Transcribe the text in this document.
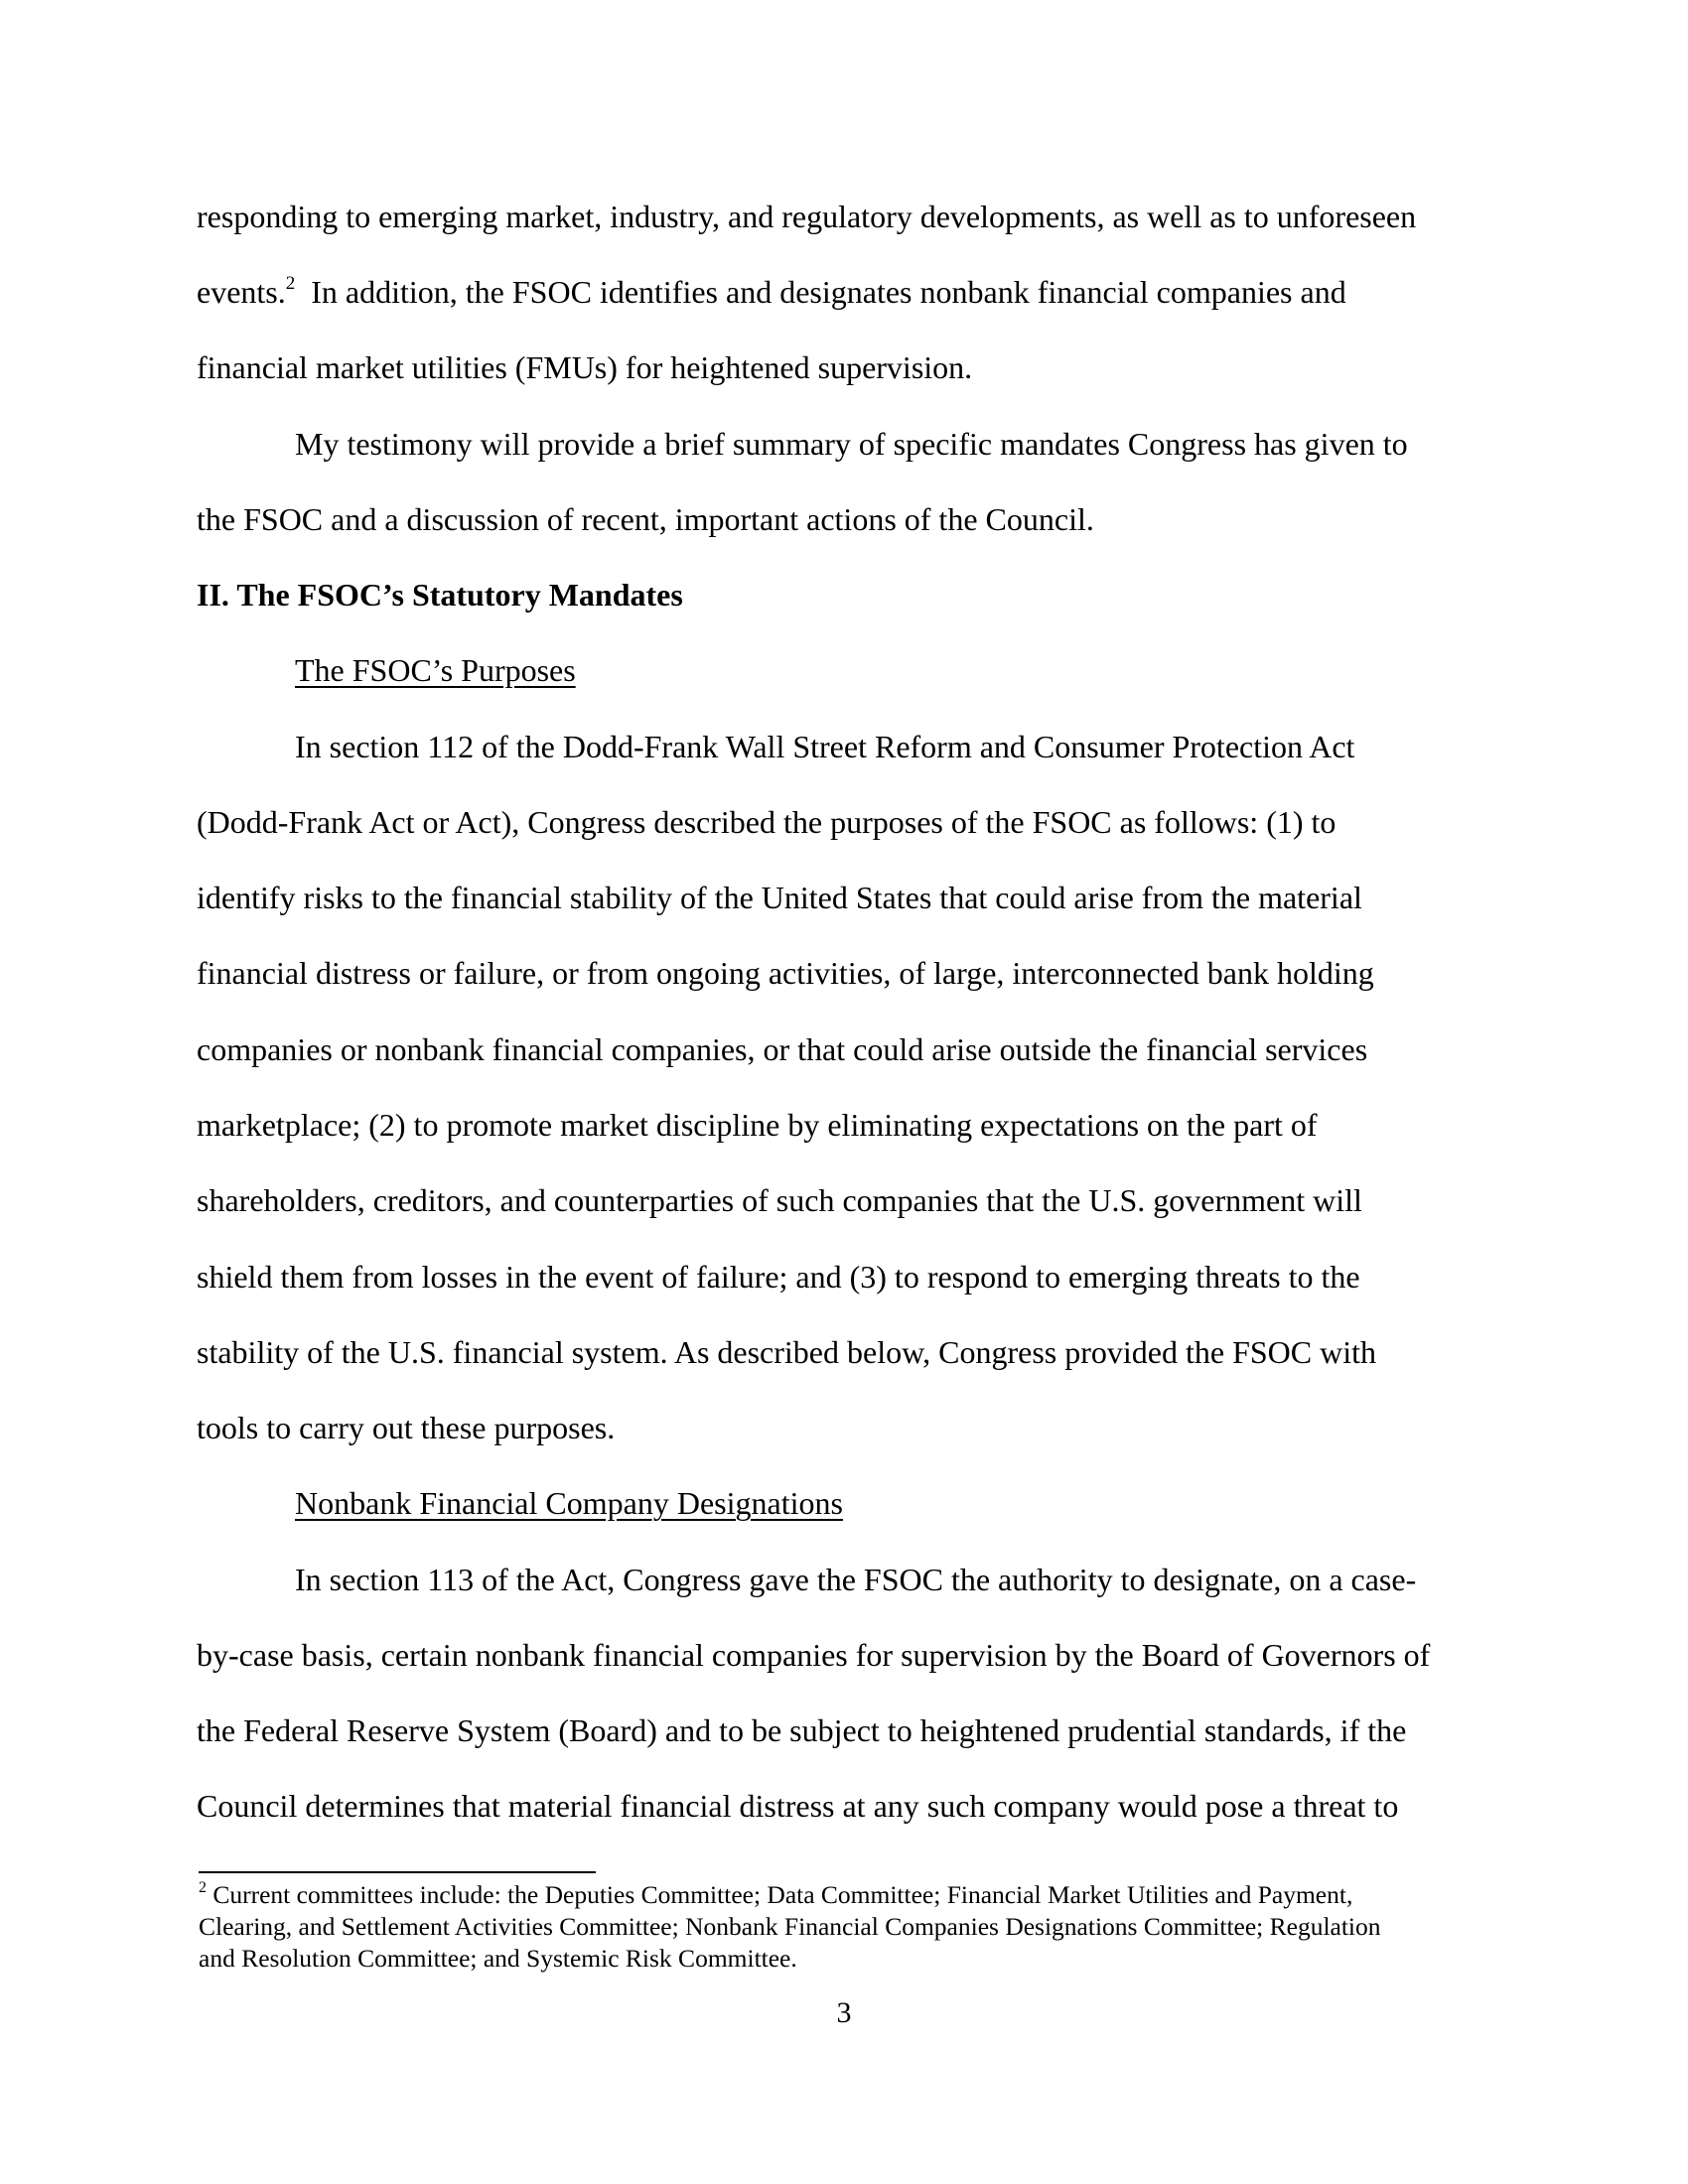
responding to emerging market, industry, and regulatory developments, as well as to unforeseen
events.$^2$  In addition, the FSOC identifies and designates nonbank financial companies and
financial market utilities (FMUs) for heightened supervision.
My testimony will provide a brief summary of specific mandates Congress has given to
the FSOC and a discussion of recent, important actions of the Council.
II. The FSOC’s Statutory Mandates
The FSOC’s Purposes
In section 112 of the Dodd-Frank Wall Street Reform and Consumer Protection Act
(Dodd-Frank Act or Act), Congress described the purposes of the FSOC as follows: (1) to
identify risks to the financial stability of the United States that could arise from the material
financial distress or failure, or from ongoing activities, of large, interconnected bank holding
companies or nonbank financial companies, or that could arise outside the financial services
marketplace; (2) to promote market discipline by eliminating expectations on the part of
shareholders, creditors, and counterparties of such companies that the U.S. government will
shield them from losses in the event of failure; and (3) to respond to emerging threats to the
stability of the U.S. financial system. As described below, Congress provided the FSOC with
tools to carry out these purposes.
Nonbank Financial Company Designations
In section 113 of the Act, Congress gave the FSOC the authority to designate, on a case-
by-case basis, certain nonbank financial companies for supervision by the Board of Governors of
the Federal Reserve System (Board) and to be subject to heightened prudential standards, if the
Council determines that material financial distress at any such company would pose a threat to
$^2$ Current committees include: the Deputies Committee; Data Committee; Financial Market Utilities and Payment,
Clearing, and Settlement Activities Committee; Nonbank Financial Companies Designations Committee; Regulation
and Resolution Committee; and Systemic Risk Committee.
3
